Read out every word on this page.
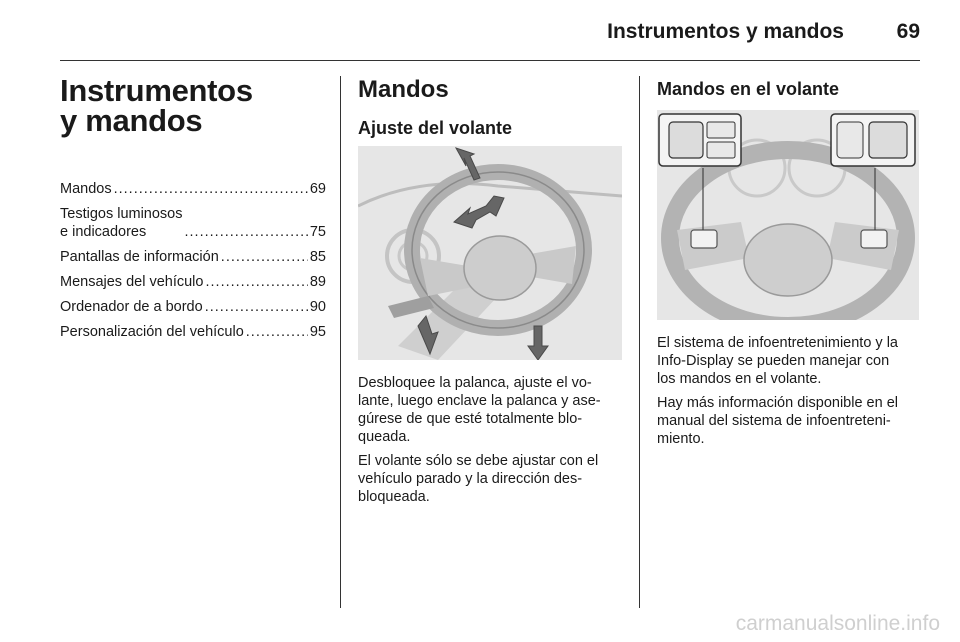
Instrumentos y mandos	69
Instrumentos
y mandos
Mandos .....	69
Testigos luminosos
e indicadores .....	75
Pantallas de información .....	85
Mensajes del vehículo .....	89
Ordenador de a bordo .....	90
Personalización del vehículo .....	95
Mandos
Ajuste del volante

Desbloquee la palanca, ajuste el vo-
lante, luego enclave la palanca y ase-
gúrese de que esté totalmente blo-
queada.

El volante sólo se debe ajustar con el
vehículo parado y la dirección des-
bloqueada.

Mandos en el volante

El sistema de infoentretenimiento y la
Info-Display se pueden manejar con
los mandos en el volante.

Hay más información disponible en el
manual del sistema de infoentreteni-
miento.

carmanualsonline.info
